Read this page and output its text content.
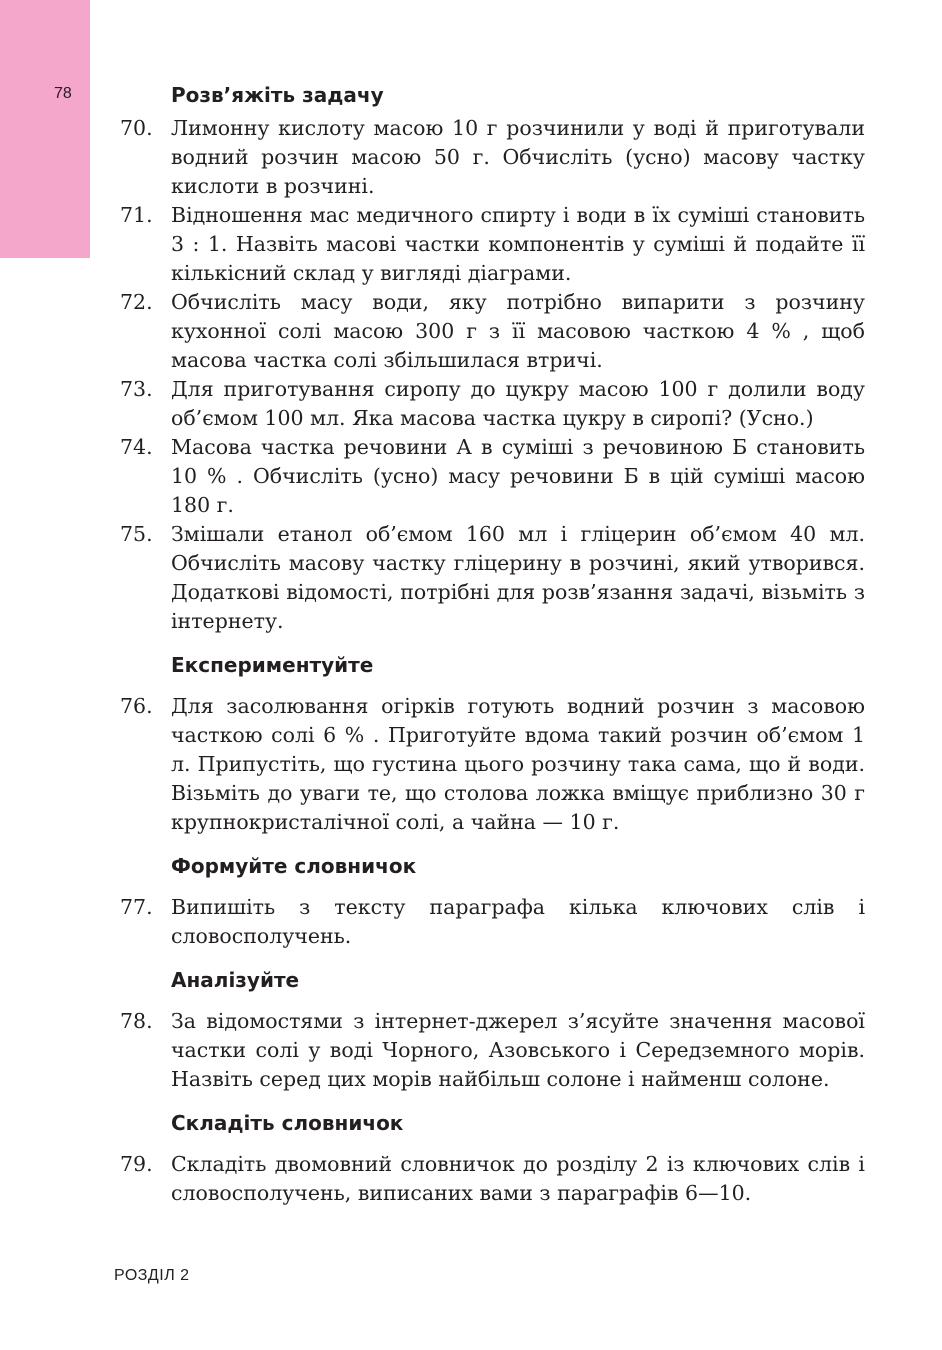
78	Розв’яжіть задачу
70. Лимонну кислоту масою 10 г розчинили у воді й приготували водний розчин масою 50 г. Обчисліть (усно) масову частку кислоти в розчині.
71. Відношення мас медичного спирту і води в їх суміші становить 3 : 1. Назвіть масові частки компонентів у суміші й подайте її кількісний склад у вигляді діаграми.
72. Обчисліть масу води, яку потрібно випарити з розчину кухонної солі масою 300 г з її масовою часткою 4 % , щоб масова частка солі збільшилася втричі.
73. Для приготування сиропу до цукру масою 100 г долили воду об’ємом 100 мл. Яка масова частка цукру в сиропі? (Усно.)
74. Масова частка речовини А в суміші з речовиною Б становить 10 % . Обчисліть (усно) масу речовини Б в цій суміші масою 180 г.
75. Змішали етанол об’ємом 160 мл і гліцерин об’ємом 40 мл. Обчисліть масову частку гліцерину в розчині, який утворився. Додаткові відомості, потрібні для розв’язання задачі, візьміть з інтернету.
Експериментуйте
76. Для засолювання огірків готують водний розчин з масовою часткою солі 6 % . Приготуйте вдома такий розчин об’ємом 1 л. Припустіть, що густина цього розчину така сама, що й води. Візьміть до уваги те, що столова ложка вміщує приблизно 30 г крупнокристалічної солі, а чайна — 10 г.
Формуйте словничок
77. Випишіть з тексту параграфа кілька ключових слів і словосполучень.
Аналізуйте
78. За відомостями з інтернет-джерел з’ясуйте значення масової частки солі у воді Чорного, Азовського і Середземного морів. Назвіть серед цих морів найбільш солоне і найменш солоне.
Складіть словничок
79. Складіть двомовний словничок до розділу 2 із ключових слів і словосполучень, виписаних вами з параграфів 6—10.
РОЗДІЛ 2
